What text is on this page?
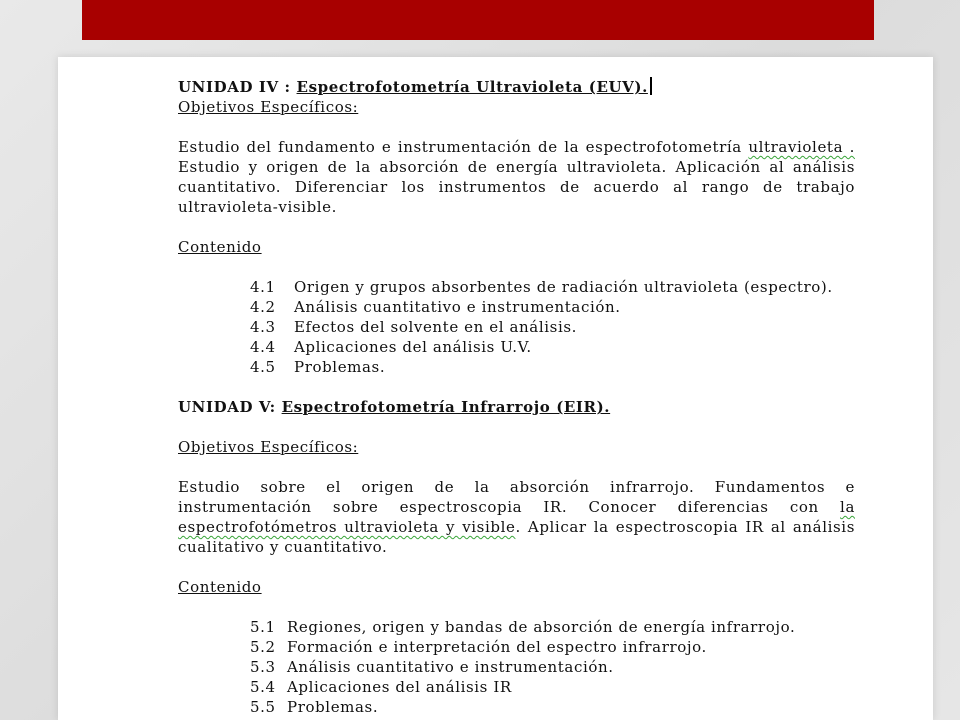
UNIDAD IV : Espectrofotometría Ultravioleta (EUV).
Objetivos Específicos:
Estudio del fundamento e instrumentación de la espectrofotometría ultravioleta . Estudio y origen de la absorción de energía ultravioleta. Aplicación al análisis cuantitativo. Diferenciar los instrumentos de acuerdo al rango de trabajo ultravioleta-visible.
Contenido
4.1	Origen y grupos absorbentes de radiación ultravioleta (espectro).
4.2	Análisis cuantitativo e instrumentación.
4.3	Efectos del solvente en el análisis.
4.4	Aplicaciones del análisis U.V.
4.5	Problemas.
UNIDAD V: Espectrofotometría Infrarrojo (EIR).
Objetivos Específicos:
Estudio sobre el origen de la absorción infrarrojo. Fundamentos e instrumentación sobre espectroscopia IR. Conocer diferencias con la espectrofotómetros ultravioleta y visible. Aplicar la espectroscopia IR al análisis cualitativo y cuantitativo.
Contenido
5.1 Regiones, origen y bandas de absorción de energía infrarrojo.
5.2 Formación e interpretación del espectro infrarrojo.
5.3 Análisis cuantitativo e instrumentación.
5.4 Aplicaciones del análisis IR
5.5 Problemas.
